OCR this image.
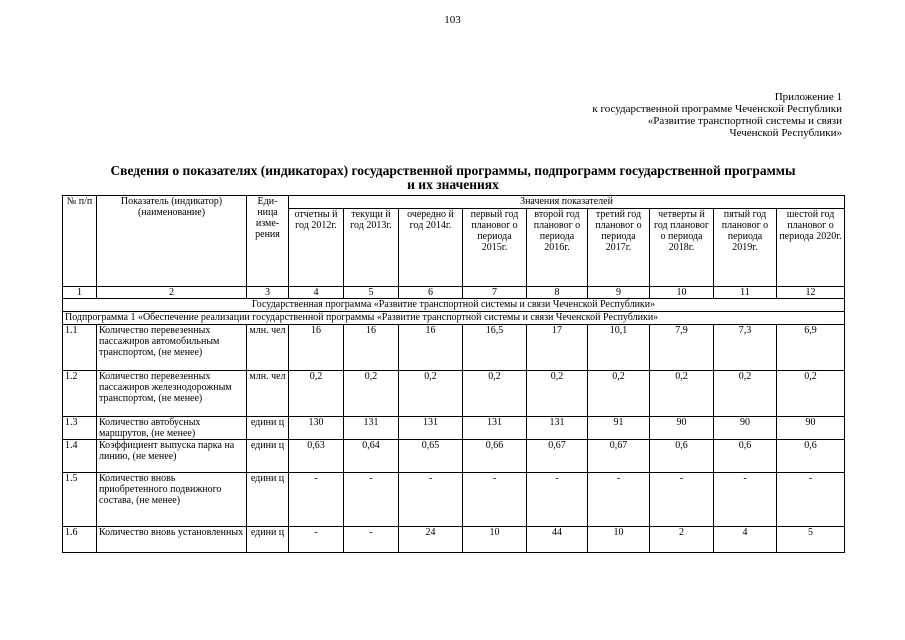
103
Приложение 1
к государственной программе Чеченской Республики
«Развитие транспортной системы и связи
Чеченской Республики»
Сведения о показателях (индикаторах) государственной программы, подпрограмм государственной программы
и их значениях
№ п/п	Показатель (индикатор) (наименование)	Еди-ница изме-рения	Значения показателей								
			отчетны й год 2012г.	текущи й год 2013г.	очередно й год 2014г.	первый год плановог о периода 2015г.	второй год плановог о периода 2016г.	третий год плановог о периода 2017г.	четверты й год плановог о периода 2018г.	пятый год плановог о периода 2019г.	шестой год плановог о периода 2020г.
1	2	3	4	5	6	7	8	9	10	11	12
Государственная программа «Развитие транспортной системы и связи Чеченской Республики»											
Подпрограмма 1 «Обеспечение реализации государственной программы «Развитие транспортной системы и связи Чеченской Республики»											
1.1	Количество перевезенных пассажиров автомобильным транспортом, (не менее)	млн. чел	16	16	16	16,5	17	10,1	7,9	7,3	6,9
1.2	Количество перевезенных пассажиров железнодорожным транспортом, (не менее)	млн. чел	0,2	0,2	0,2	0,2	0,2	0,2	0,2	0,2	0,2
1.3	Количество автобусных маршрутов, (не менее)	едини ц	130	131	131	131	131	91	90	90	90
1.4	Коэффициент выпуска парка на линию, (не менее)	едини ц	0,63	0,64	0,65	0,66	0,67	0,67	0,6	0,6	0,6
1.5	Количество вновь приобретенного подвижного состава, (не менее)	едини ц	-	-	-	-	-	-	-	-	-
1.6	Количество вновь установленных	едини ц	-	-	24	10	44	10	2	4	5
